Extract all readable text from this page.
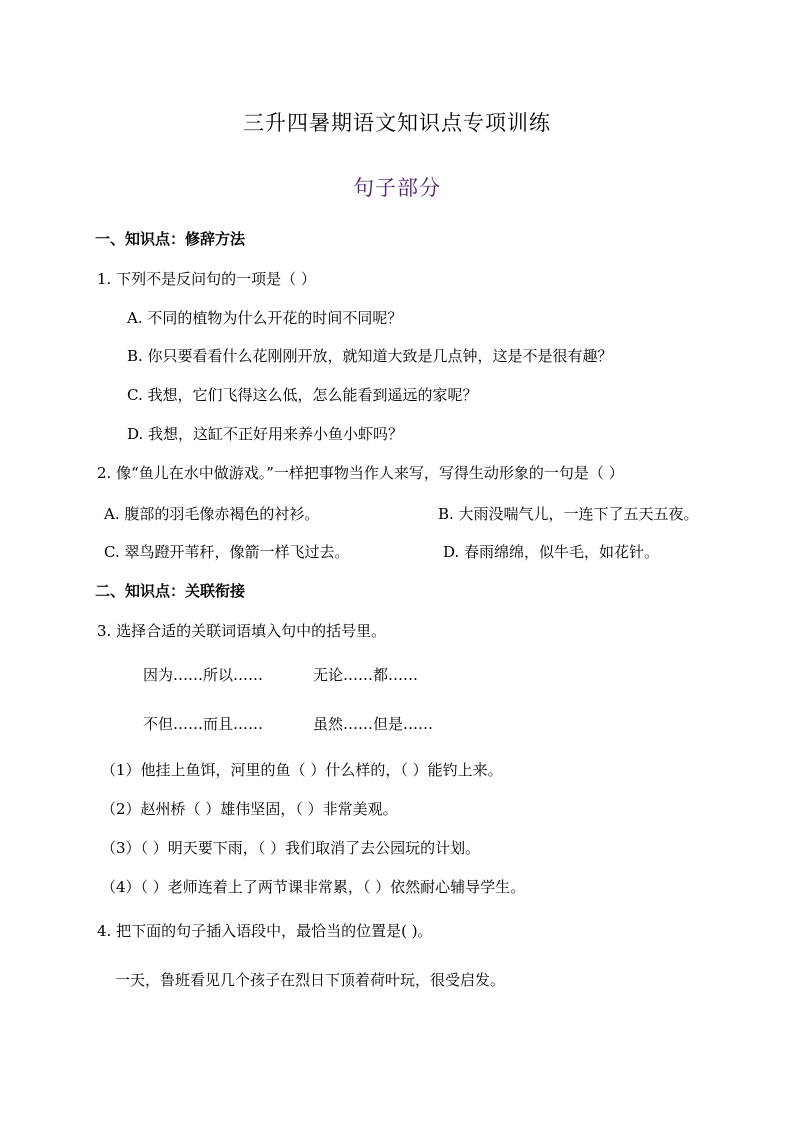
三升四暑期语文知识点专项训练
句子部分
一、知识点：修辞方法
1. 下列不是反问句的一项是（ ）
A. 不同的植物为什么开花的时间不同呢？
B. 你只要看看什么花刚刚开放，就知道大致是几点钟，这是不是很有趣？
C. 我想，它们飞得这么低，怎么能看到遥远的家呢？
D. 我想，这缸不正好用来养小鱼小虾吗？
2. 像“鱼儿在水中做游戏。”一样把事物当作人来写，写得生动形象的一句是（ ）
A. 腹部的羽毛像赤褐色的衬衫。	B. 大雨没喘气儿，一连下了五天五夜。
C. 翠鸟蹬开苇秆，像箭一样飞过去。	D. 春雨绵绵，似牛毛，如花针。
二、知识点：关联衔接
3. 选择合适的关联词语填入句中的括号里。
因为……所以……	无论……都……
不但……而且……	虽然……但是……
（1）他挂上鱼饵，河里的鱼（ ）什么样的，（ ）能钓上来。
（2）赵州桥（ ）雄伟坚固，（ ）非常美观。
（3）（ ）明天要下雨，（ ）我们取消了去公园玩的计划。
（4）（ ）老师连着上了两节课非常累，（ ）依然耐心辅导学生。
4. 把下面的句子插入语段中，最恰当的位置是( )。
一天，鲁班看见几个孩子在烈日下顶着荷叶玩，很受启发。
